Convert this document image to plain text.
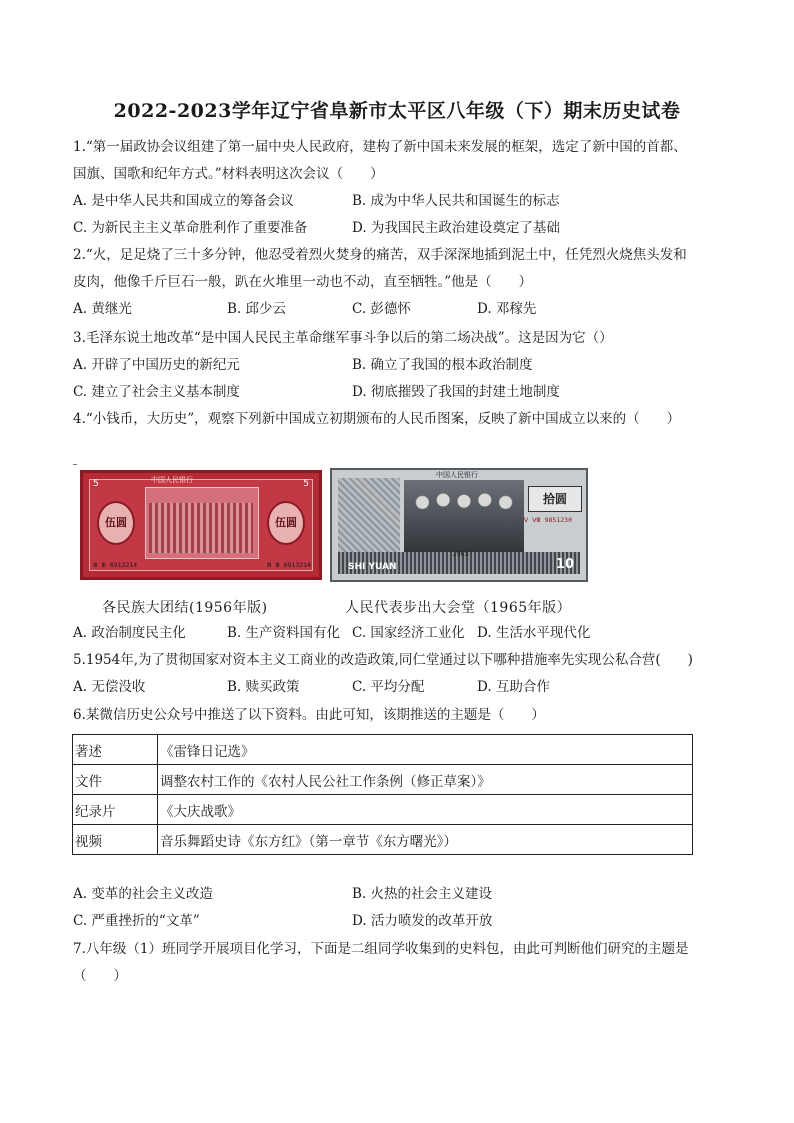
2022-2023学年辽宁省阜新市太平区八年级（下）期末历史试卷
1.“第一届政协会议组建了第一届中央人民政府，建构了新中国未来发展的框架，选定了新中国的首都、
国旗、国歌和纪年方式。”材料表明这次会议（　　）
A. 是中华人民共和国成立的筹备会议	B. 成为中华人民共和国诞生的标志
C. 为新民主主义革命胜利作了重要准备	D. 为我国民主政治建设奠定了基础
2.“火，足足烧了三十多分钟，他忍受着烈火焚身的痛苦，双手深深地插到泥土中，任凭烈火烧焦头发和
皮肉，他像千斤巨石一般，趴在火堆里一动也不动，直至牺牲。”他是（　　）
A. 黄继光	B. 邱少云	C. 彭德怀	D. 邓稼先
3.毛泽东说土地改革“是中国人民民主革命继军事斗争以后的第二场决战”。这是因为它（）
A. 开辟了中国历史的新纪元	B. 确立了我国的根本政治制度
C. 建立了社会主义基本制度	D. 彻底摧毁了我国的封建土地制度
4.“小钱币，大历史”，观察下列新中国成立初期颁布的人民币图案，反映了新中国成立以来的（　　）
中国人民银行
5	5
伍圆	伍圆
Ⅲ Ⅲ 6913214	Ⅲ Ⅲ 6913214
中国人民银行
拾圆
Ⅳ Ⅷ 9851230
1965
SHI YUAN	10
各民族大团结(1956年版)	人民代表步出大会堂（1965年版）
A. 政治制度民主化	B. 生产资料国有化 C. 国家经济工业化 D. 生活水平现代化
5.1954年,为了贯彻国家对资本主义工商业的改造政策,同仁堂通过以下哪种措施率先实现公私合营(　　)
A. 无偿没收	B. 赎买政策	C. 平均分配	D. 互助合作
6.某微信历史公众号中推送了以下资料。由此可知，该期推送的主题是（　　）
著述	《雷锋日记选》
文件	调整农村工作的《农村人民公社工作条例（修正草案）》
纪录片	《大庆战歌》
视频	音乐舞蹈史诗《东方红》（第一章节《东方曙光》）
A. 变革的社会主义改造	B. 火热的社会主义建设
C. 严重挫折的“文革”	D. 活力喷发的改革开放
7.八年级（1）班同学开展项目化学习，下面是二组同学收集到的史料包，由此可判断他们研究的主题是
（　　）
